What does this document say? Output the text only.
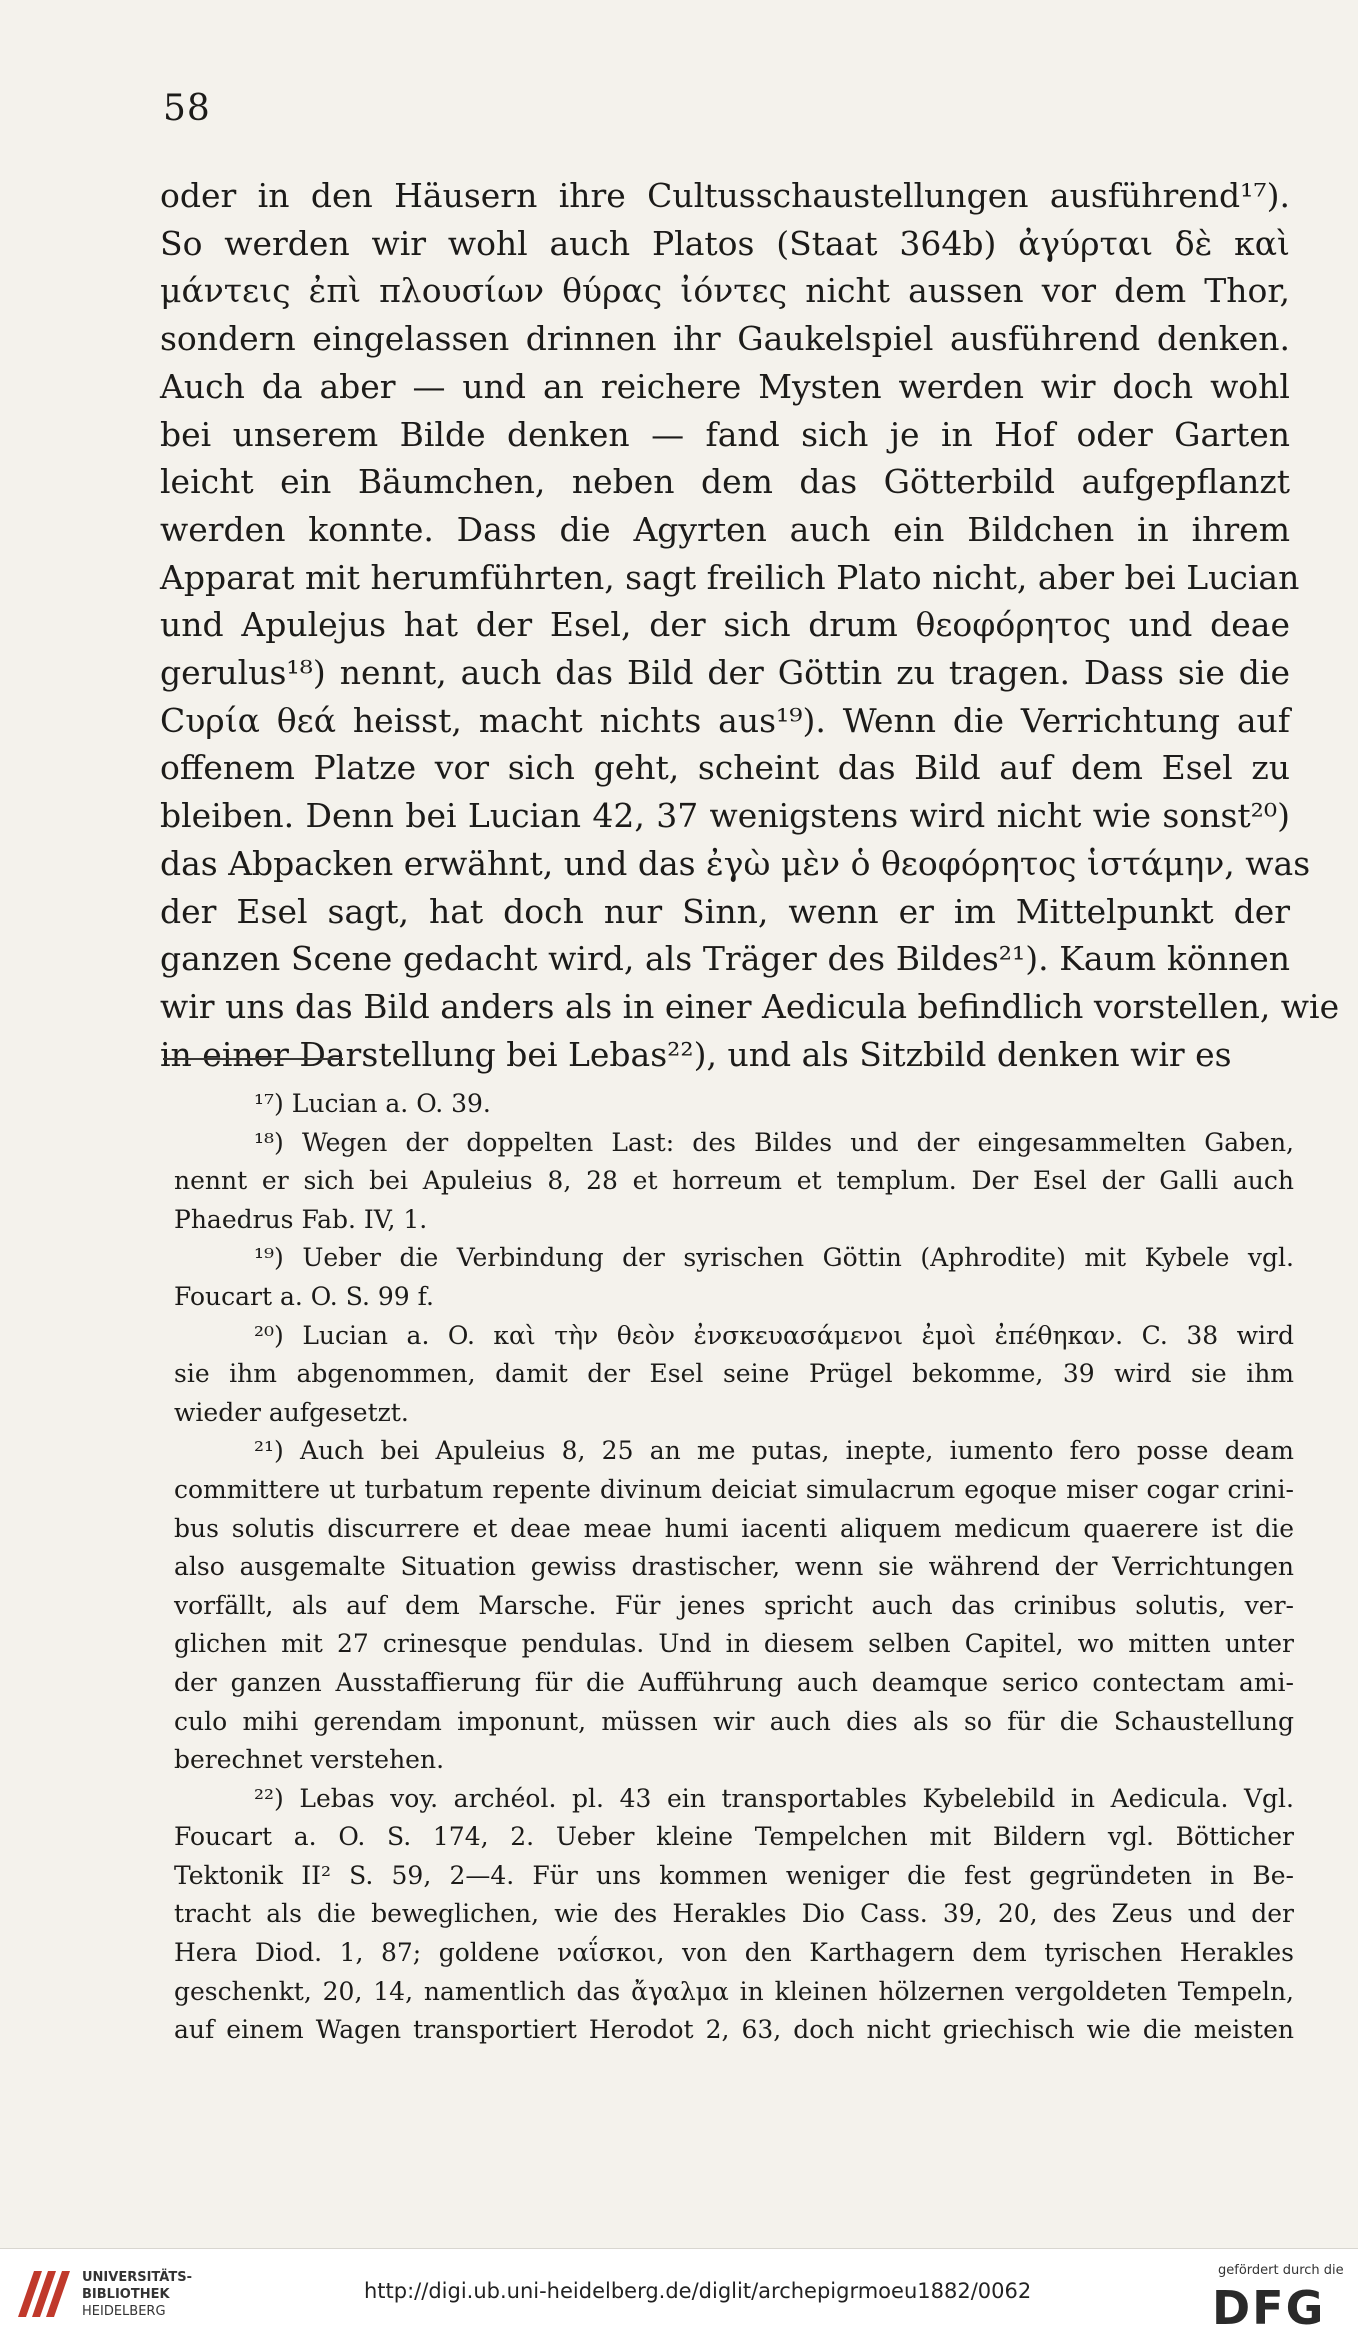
58
oder in den Häusern ihre Cultusschaustellungen ausführend¹⁷).
So werden wir wohl auch Platos (Staat 364b) ἀγύρται δὲ καὶ
μάντεις ἐπὶ πλουσίων θύρας ἰόντες nicht aussen vor dem Thor,
sondern eingelassen drinnen ihr Gaukelspiel ausführend denken.
Auch da aber — und an reichere Mysten werden wir doch wohl
bei unserem Bilde denken — fand sich je in Hof oder Garten
leicht ein Bäumchen, neben dem das Götterbild aufgepflanzt
werden konnte. Dass die Agyrten auch ein Bildchen in ihrem
Apparat mit herumführten, sagt freilich Plato nicht, aber bei Lucian
und Apulejus hat der Esel, der sich drum θεοφόρητος und deae
gerulus¹⁸) nennt, auch das Bild der Göttin zu tragen. Dass sie die
Cυρία θεά heisst, macht nichts aus¹⁹). Wenn die Verrichtung auf
offenem Platze vor sich geht, scheint das Bild auf dem Esel zu
bleiben. Denn bei Lucian 42, 37 wenigstens wird nicht wie sonst²⁰)
das Abpacken erwähnt, und das ἐγὼ μὲν ὁ θεοφόρητος ἱστάμην, was
der Esel sagt, hat doch nur Sinn, wenn er im Mittelpunkt der
ganzen Scene gedacht wird, als Träger des Bildes²¹). Kaum können
wir uns das Bild anders als in einer Aedicula befindlich vorstellen, wie
in einer Darstellung bei Lebas²²), und als Sitzbild denken wir es
¹⁷) Lucian a. O. 39.
¹⁸) Wegen der doppelten Last: des Bildes und der eingesammelten Gaben,
nennt er sich bei Apuleius 8, 28 et horreum et templum. Der Esel der Galli auch
Phaedrus Fab. IV, 1.
¹⁹) Ueber die Verbindung der syrischen Göttin (Aphrodite) mit Kybele vgl.
Foucart a. O. S. 99 f.
²⁰) Lucian a. O. καὶ τὴν θεὸν ἐνσκευασάμενοι ἐμοὶ ἐπέθηκαν. C. 38 wird
sie ihm abgenommen, damit der Esel seine Prügel bekomme, 39 wird sie ihm
wieder aufgesetzt.
²¹) Auch bei Apuleius 8, 25 an me putas, inepte, iumento fero posse deam
committere ut turbatum repente divinum deiciat simulacrum egoque miser cogar crini-
bus solutis discurrere et deae meae humi iacenti aliquem medicum quaerere ist die
also ausgemalte Situation gewiss drastischer, wenn sie während der Verrichtungen
vorfällt, als auf dem Marsche. Für jenes spricht auch das crinibus solutis, ver-
glichen mit 27 crinesque pendulas. Und in diesem selben Capitel, wo mitten unter
der ganzen Ausstaffierung für die Aufführung auch deamque serico contectam ami-
culo mihi gerendam imponunt, müssen wir auch dies als so für die Schaustellung
berechnet verstehen.
²²) Lebas voy. archéol. pl. 43 ein transportables Kybelebild in Aedicula. Vgl.
Foucart a. O. S. 174, 2. Ueber kleine Tempelchen mit Bildern vgl. Bötticher
Tektonik II² S. 59, 2—4. Für uns kommen weniger die fest gegründeten in Be-
tracht als die beweglichen, wie des Herakles Dio Cass. 39, 20, des Zeus und der
Hera Diod. 1, 87; goldene ναΐσκοι, von den Karthagern dem tyrischen Herakles
geschenkt, 20, 14, namentlich das ἄγαλμα in kleinen hölzernen vergoldeten Tempeln,
auf einem Wagen transportiert Herodot 2, 63, doch nicht griechisch wie die meisten
UNIVERSITÄTS-
BIBLIOTHEK
HEIDELBERG
http://digi.ub.uni-heidelberg.de/diglit/archepigrmoeu1882/0062
gefördert durch die
DFG
